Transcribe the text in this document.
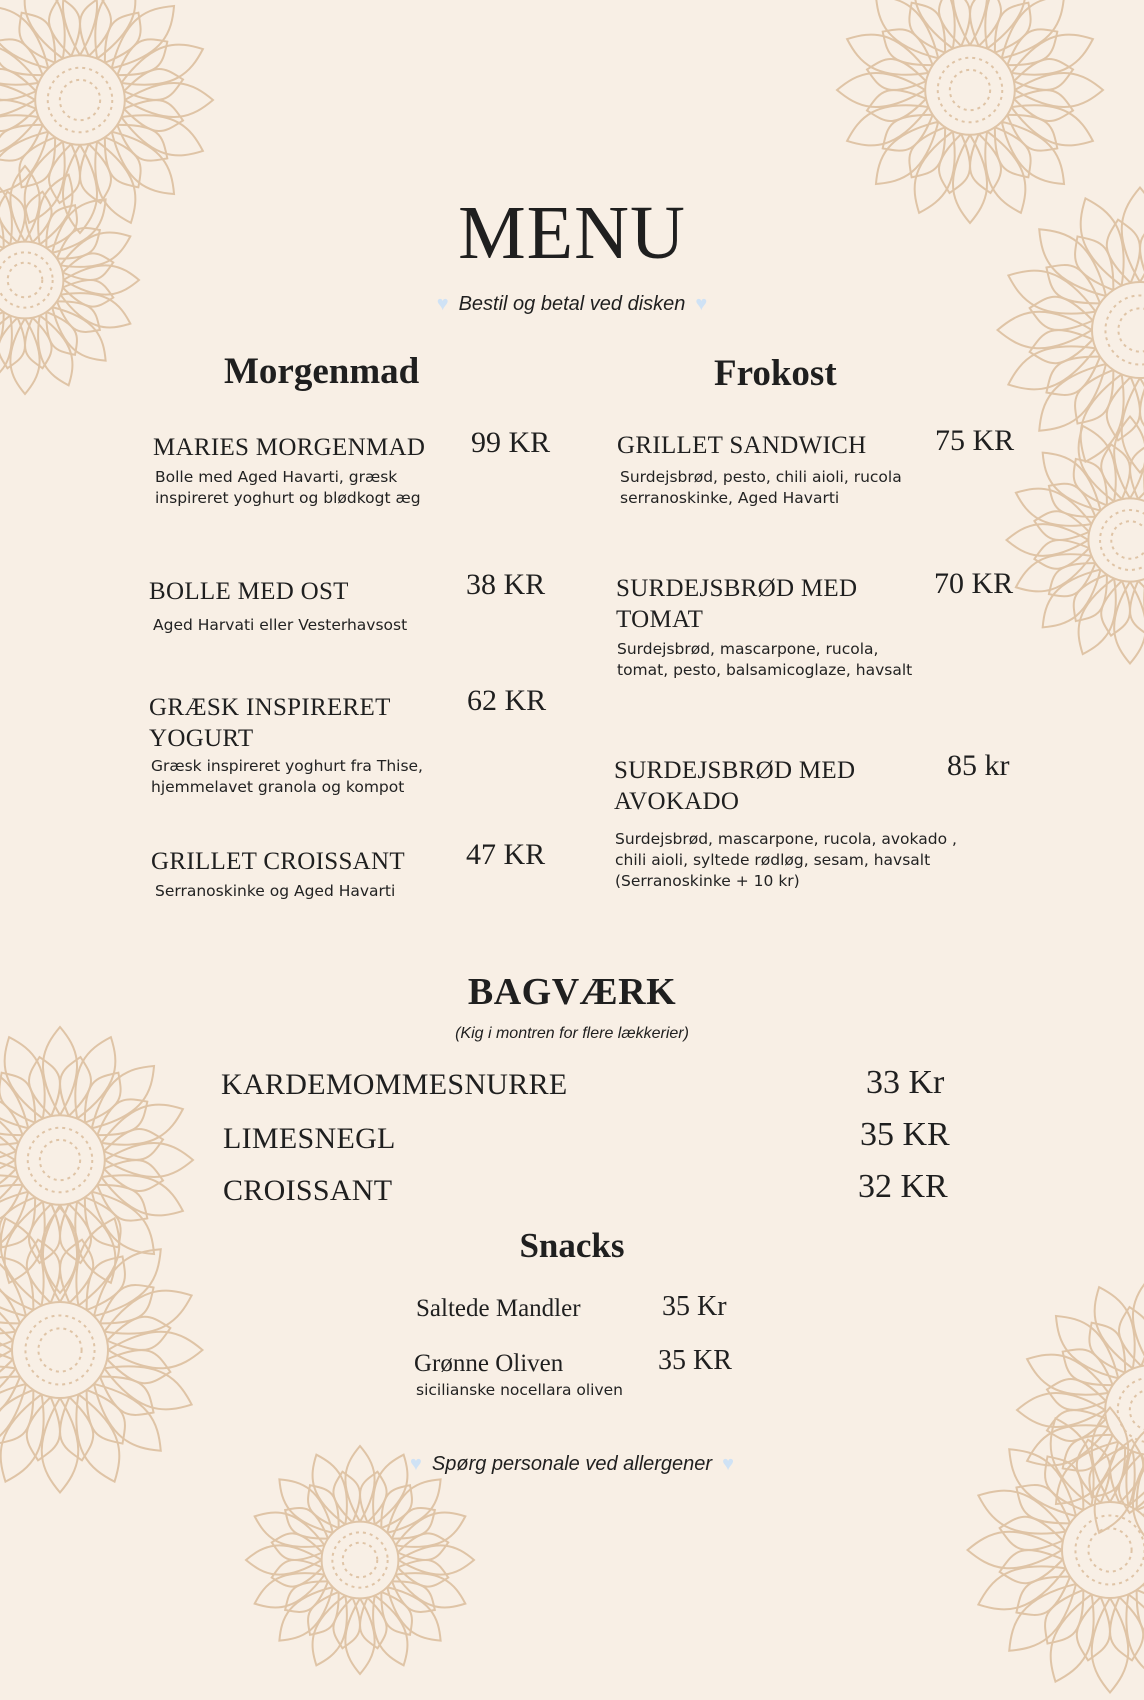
MENU
♥ Bestil og betal ved disken ♥
Morgenmad
MARIES MORGENMAD	99 KR
Bolle med Aged Havarti, græsk
inspireret yoghurt og blødkogt æg
BOLLE MED OST	38 KR
Aged Harvati eller Vesterhavsost
GRÆSK INSPIRERET
YOGURT
62 KR
Græsk inspireret yoghurt fra Thise,
hjemmelavet granola og kompot
GRILLET CROISSANT	47 KR
Serranoskinke og Aged Havarti
Frokost
GRILLET SANDWICH	75 KR
Surdejsbrød, pesto, chili aioli, rucola
serranoskinke, Aged Havarti
SURDEJSBRØD MED
TOMAT
70 KR
Surdejsbrød, mascarpone, rucola,
tomat, pesto, balsamicoglaze, havsalt
SURDEJSBRØD MED
AVOKADO
85 kr
Surdejsbrød, mascarpone, rucola, avokado ,
chili aioli, syltede rødløg, sesam, havsalt
(Serranoskinke + 10 kr)
BAGVÆRK
(Kig i montren for flere lækkerier)
KARDEMOMMESNURRE	33 Kr
LIMESNEGL	35 KR
CROISSANT	32 KR
Snacks
Saltede Mandler	35 Kr
Grønne Oliven	35 KR
sicilianske nocellara oliven
♥ Spørg personale ved allergener ♥
